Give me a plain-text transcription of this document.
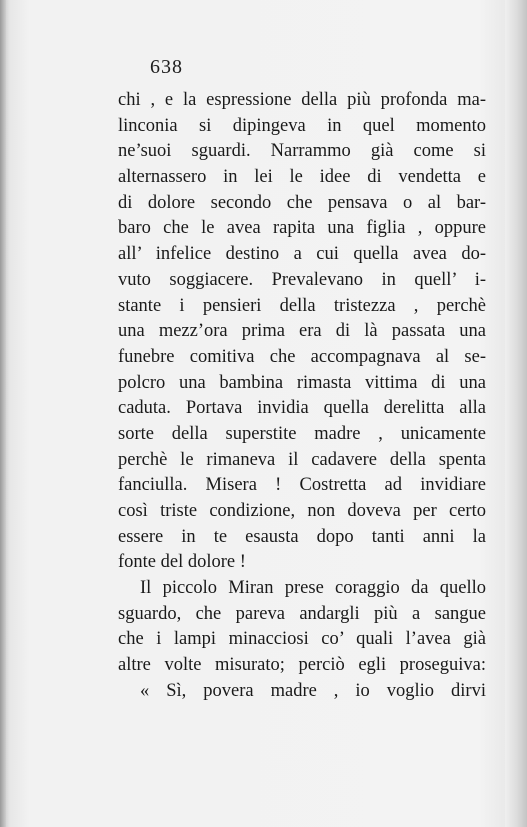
638
chi , e la espressione della più profonda ma-
linconia si dipingeva in quel momento
ne’suoi sguardi. Narrammo già come si
alternassero in lei le idee di vendetta e
di dolore secondo che pensava o al bar-
baro che le avea rapita una figlia , oppure
all’ infelice destino a cui quella avea do-
vuto soggiacere. Prevalevano in quell’ i-
stante i pensieri della tristezza , perchè
una mezz’ora prima era di là passata una
funebre comitiva che accompagnava al se-
polcro una bambina rimasta vittima di una
caduta. Portava invidia quella derelitta alla
sorte della superstite madre , unicamente
perchè le rimaneva il cadavere della spenta
fanciulla. Misera ! Costretta ad invidiare
così triste condizione, non doveva per certo
essere in te esausta dopo tanti anni la
fonte del dolore !
Il piccolo Miran prese coraggio da quello
sguardo, che pareva andargli più a sangue
che i lampi minacciosi co’ quali l’avea già
altre volte misurato; perciò egli proseguiva:
« Sì, povera madre , io voglio dirvi
